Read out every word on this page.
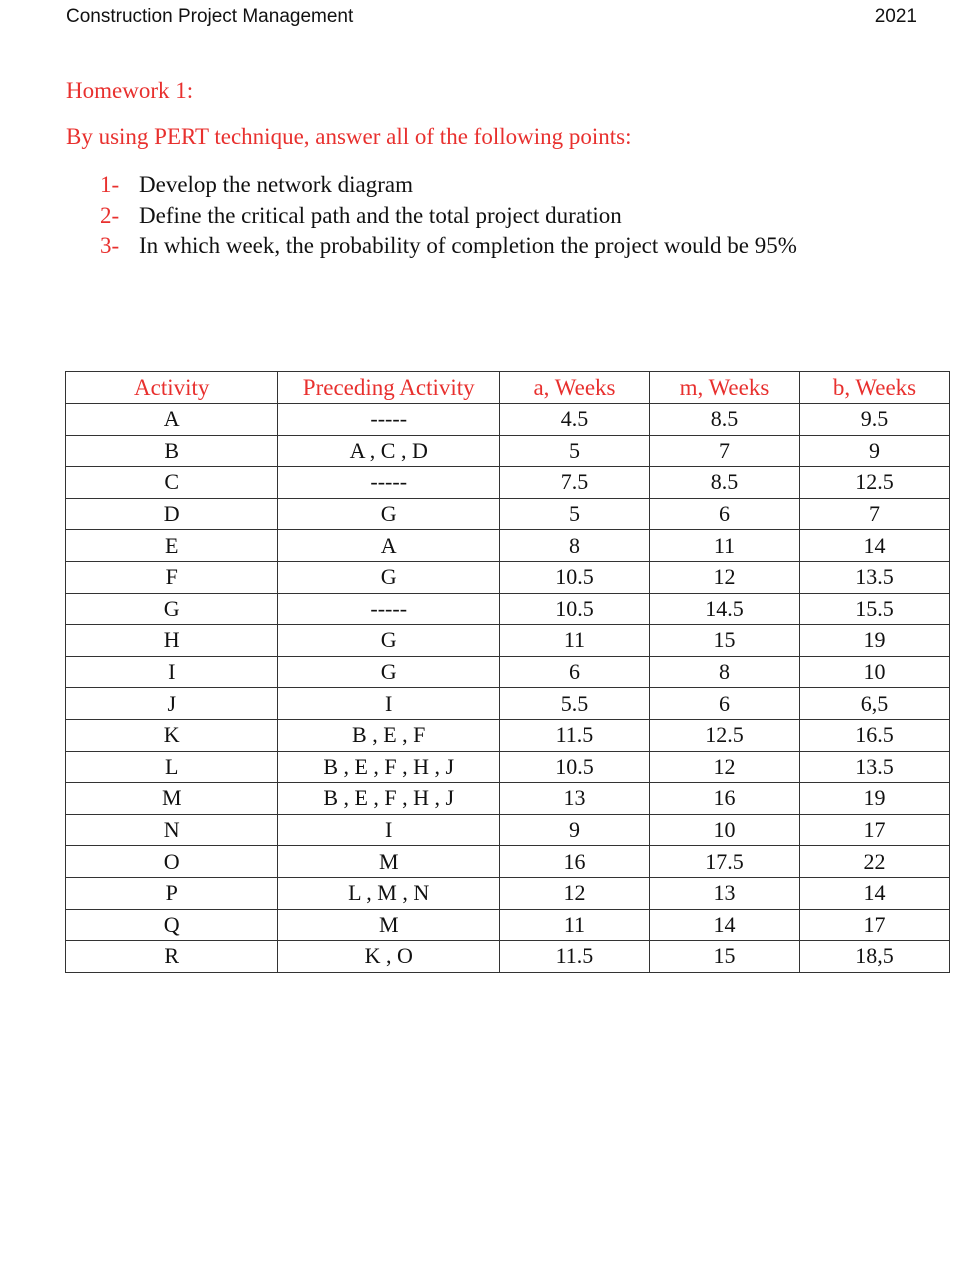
Construction Project Management	2021
Homework 1:
By using PERT technique, answer all of the following points:
1- Develop the network diagram
2- Define the critical path and the total project duration
3- In which week, the probability of completion the project would be 95%
Activity	Preceding Activity	a, Weeks	m, Weeks	b, Weeks
A	-----	4.5	8.5	9.5
B	A , C , D	5	7	9
C	-----	7.5	8.5	12.5
D	G	5	6	7
E	A	8	11	14
F	G	10.5	12	13.5
G	-----	10.5	14.5	15.5
H	G	11	15	19
I	G	6	8	10
J	I	5.5	6	6,5
K	B , E , F	11.5	12.5	16.5
L	B , E , F , H , J	10.5	12	13.5
M	B , E , F , H , J	13	16	19
N	I	9	10	17
O	M	16	17.5	22
P	L , M , N	12	13	14
Q	M	11	14	17
R	K , O	11.5	15	18,5
